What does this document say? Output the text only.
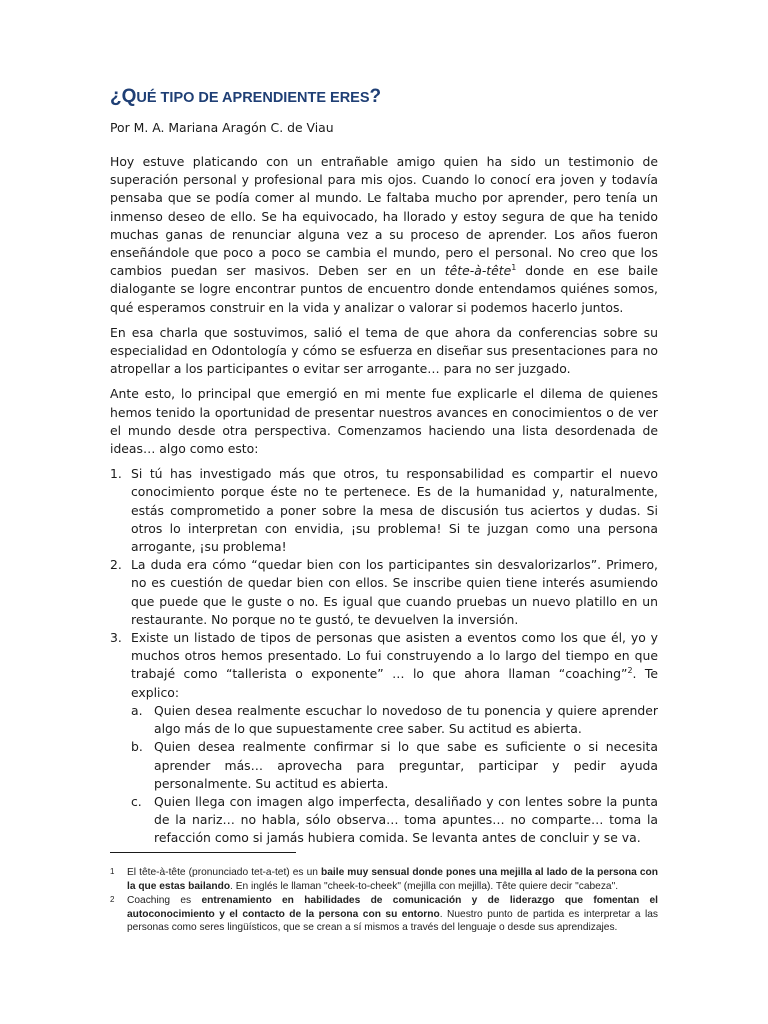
¿QUÉ TIPO DE APRENDIENTE ERES?
Por M. A. Mariana Aragón C. de Viau

Hoy estuve platicando con un entrañable amigo quien ha sido un testimonio de superación personal y profesional para mis ojos. Cuando lo conocí era joven y todavía pensaba que se podía comer al mundo. Le faltaba mucho por aprender, pero tenía un inmenso deseo de ello. Se ha equivocado, ha llorado y estoy segura de que ha tenido muchas ganas de renunciar alguna vez a su proceso de aprender. Los años fueron enseñándole que poco a poco se cambia el mundo, pero el personal. No creo que los cambios puedan ser masivos. Deben ser en un tête-à-tête$^1$ donde en ese baile dialogante se logre encontrar puntos de encuentro donde entendamos quiénes somos, qué esperamos construir en la vida y analizar o valorar si podemos hacerlo juntos.

En esa charla que sostuvimos, salió el tema de que ahora da conferencias sobre su especialidad en Odontología y cómo se esfuerza en diseñar sus presentaciones para no atropellar a los participantes o evitar ser arrogante… para no ser juzgado.

Ante esto, lo principal que emergió en mi mente fue explicarle el dilema de quienes hemos tenido la oportunidad de presentar nuestros avances en conocimientos o de ver el mundo desde otra perspectiva. Comenzamos haciendo una lista desordenada de ideas… algo como esto:

1. Si tú has investigado más que otros, tu responsabilidad es compartir el nuevo conocimiento porque éste no te pertenece. Es de la humanidad y, naturalmente, estás comprometido a poner sobre la mesa de discusión tus aciertos y dudas. Si otros lo interpretan con envidia, ¡su problema! Si te juzgan como una persona arrogante, ¡su problema!
2. La duda era cómo “quedar bien con los participantes sin desvalorizarlos”. Primero, no es cuestión de quedar bien con ellos. Se inscribe quien tiene interés asumiendo que puede que le guste o no. Es igual que cuando pruebas un nuevo platillo en un restaurante. No porque no te gustó, te devuelven la inversión.
3. Existe un listado de tipos de personas que asisten a eventos como los que él, yo y muchos otros hemos presentado. Lo fui construyendo a lo largo del tiempo en que trabajé como “tallerista o exponente” … lo que ahora llaman “coaching”$^2$. Te explico:
a. Quien desea realmente escuchar lo novedoso de tu ponencia y quiere aprender algo más de lo que supuestamente cree saber. Su actitud es abierta.
b. Quien desea realmente confirmar si lo que sabe es suficiente o si necesita aprender más… aprovecha para preguntar, participar y pedir ayuda personalmente. Su actitud es abierta.
c. Quien llega con imagen algo imperfecta, desaliñado y con lentes sobre la punta de la nariz… no habla, sólo observa… toma apuntes… no comparte… toma la refacción como si jamás hubiera comida. Se levanta antes de concluir y se va.
1 El tête-à-tête (pronunciado tet-a-tet) es un baile muy sensual donde pones una mejilla al lado de la persona con la que estas bailando. En inglés le llaman "cheek-to-cheek" (mejilla con mejilla). Tête quiere decir "cabeza".
2 Coaching es entrenamiento en habilidades de comunicación y de liderazgo que fomentan el autoconocimiento y el contacto de la persona con su entorno. Nuestro punto de partida es interpretar a las personas como seres lingüísticos, que se crean a sí mismos a través del lenguaje o desde sus aprendizajes.
